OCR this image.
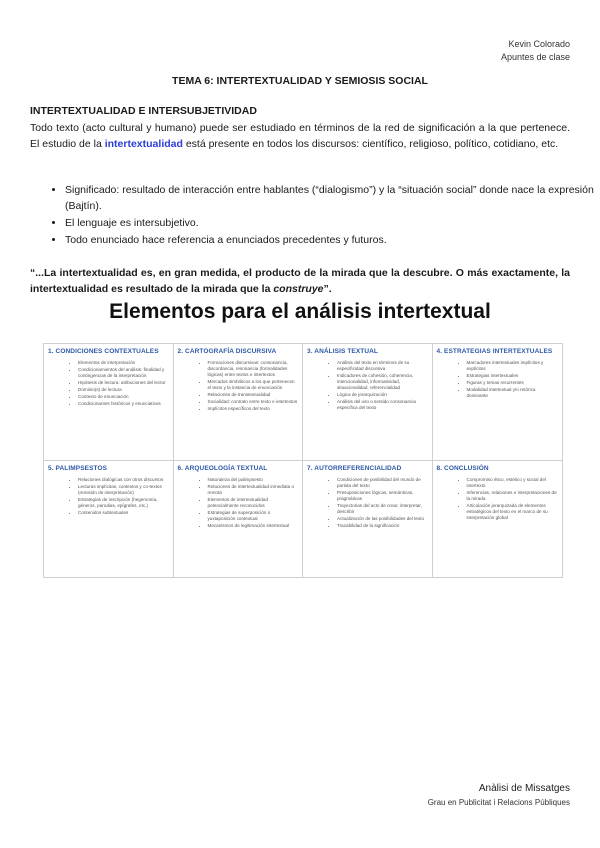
Kevin Colorado
Apuntes de clase
TEMA 6: INTERTEXTUALIDAD Y SEMIOSIS SOCIAL
INTERTEXTUALIDAD E INTERSUBJETIVIDAD
Todo texto (acto cultural y humano) puede ser estudiado en términos de la red de significación a la que pertenece. El estudio de la intertextualidad está presente en todos los discursos: científico, religioso, político, cotidiano, etc.
• Significado: resultado de interacción entre hablantes (“dialogismo”) y la “situación social” donde nace la expresión (Bajtín).
• El lenguaje es intersubjetivo.
• Todo enunciado hace referencia a enunciados precedentes y futuros.
“...La intertextualidad es, en gran medida, el producto de la mirada que la descubre. O más exactamente, la intertextualidad es resultado de la mirada que la construye”.
Elementos para el análisis intertextual
1. CONDICIONES CONTEXTUALES
• Elementos de interpretación
• Condicionamientos del análisis: finalidad y contingencias de la interpretación
• Hipótesis de lectura: atribuciones del lector
• Dominio(s) de lectura
• Contexto de enunciación
• Condicionantes históricos y enunciativos
2. CARTOGRAFÍA DISCURSIVA
• Formaciones discursivas: consonancia, discordancia, resonancia (formalidades lógicas) entre textos e intertextos
• Mercados simbólicos a los que pertenecen el texto y la instancia de enunciación
• Relaciones de transtextualidad
• Socialidad: contrato entre texto e intertextos
• Implícitos específicos del texto
3. ANÁLISIS TEXTUAL
• Análisis del texto en términos de su especificidad discursiva
• Indicadores de cohesión, coherencia, intencionalidad, informatividad, situacionalidad, referencialidad
• Lógica de jerarquización
• Análisis del uso o sentido consonancia específica del texto
4. ESTRATEGIAS INTERTEXTUALES
• Marcadores intertextuales implícitos y explícitos
• Estrategias intertextuales
• Figuras y temas recurrentes
• Modalidad intertextual y/o retórica dominante
5. PALIMPSESTOS
• Relaciones dialógicas con otros discursos
• Lecturas implícitas, contextos y co-textos (remisión de interpretación)
• Estrategias de inscripción (hegemonía, géneros, parodias, epígrafes, etc.)
• Contenidos subtextuales
6. ARQUEOLOGÍA TEXTUAL
• Naturaleza del palimpsesto
• Relaciones de intertextualidad inmediata o remota
• Elementos de intertextualidad potencialmente reconocidos
• Estrategias de superposición o yuxtaposición contextual
• Mecanismos de legitimación intertextual
7. AUTORREFERENCIALIDAD
• Condiciones de posibilidad del mundo de partida del texto
• Presuposiciones lógicas, semánticas, pragmáticas
• Trayectorias del acto de crear, interpretar, describir
• Actualización de las posibilidades del texto
• Trazabilidad de la significación
8. CONCLUSIÓN
• Compromiso ético, estético y social del intertexto
• Inferencias, relaciones e interpretaciones de la mirada
• Articulación jerarquizada de elementos estratégicos del texto en el marco de su interpretación global
Anàlisi de Missatges
Grau en Publicitat i Relacions Públiques
